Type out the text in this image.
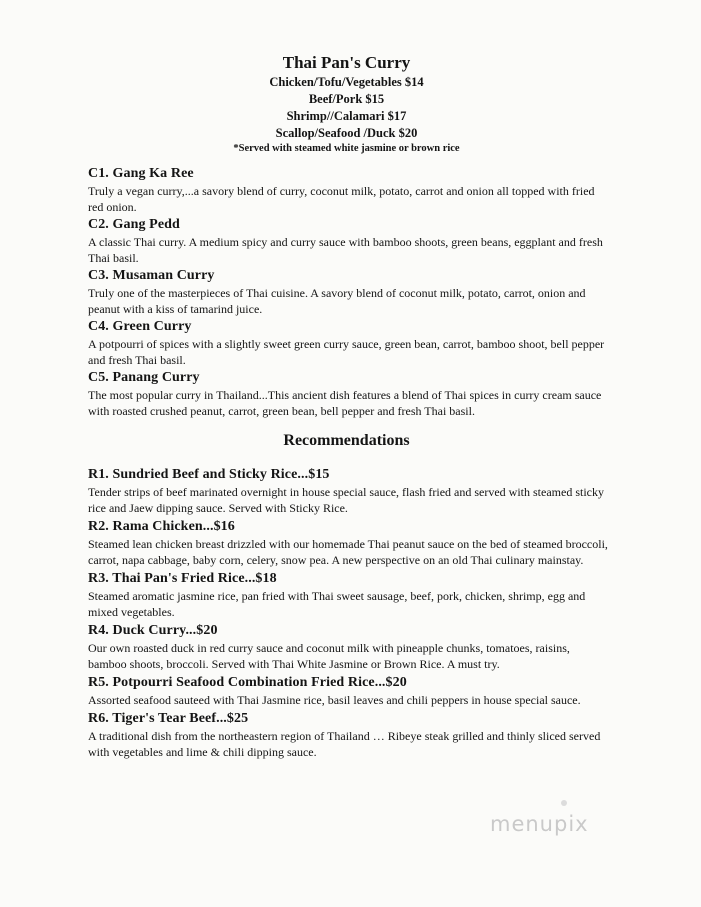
Thai Pan's Curry
Chicken/Tofu/Vegetables $14
Beef/Pork $15
Shrimp//Calamari $17
Scallop/Seafood /Duck $20
*Served with steamed white jasmine or brown rice
C1. Gang Ka Ree
Truly a vegan curry,...a savory blend of curry, coconut milk, potato, carrot and onion all topped with fried red onion.
C2. Gang Pedd
A classic Thai curry. A medium spicy and curry sauce with bamboo shoots, green beans, eggplant and fresh Thai basil.
C3. Musaman Curry
Truly one of the masterpieces of Thai cuisine. A savory blend of coconut milk, potato, carrot, onion and peanut with a kiss of tamarind juice.
C4. Green Curry
A potpourri of spices with a slightly sweet green curry sauce, green bean, carrot, bamboo shoot, bell pepper and fresh Thai basil.
C5. Panang Curry
The most popular curry in Thailand...This ancient dish features a blend of Thai spices in curry cream sauce with roasted crushed peanut, carrot, green bean, bell pepper and fresh Thai basil.
Recommendations
R1. Sundried Beef and Sticky Rice...$15
Tender strips of beef marinated overnight in house special sauce, flash fried and served with steamed sticky rice and Jaew dipping sauce. Served with Sticky Rice.
R2. Rama Chicken...$16
Steamed lean chicken breast drizzled with our homemade Thai peanut sauce on the bed of steamed broccoli, carrot, napa cabbage, baby corn, celery, snow pea. A new perspective on an old Thai culinary mainstay.
R3. Thai Pan's Fried Rice...$18
Steamed aromatic jasmine rice, pan fried with Thai sweet sausage, beef, pork, chicken, shrimp, egg and mixed vegetables.
R4. Duck Curry...$20
Our own roasted duck in red curry sauce and coconut milk with pineapple chunks, tomatoes, raisins, bamboo shoots, broccoli. Served with Thai White Jasmine or Brown Rice. A must try.
R5. Potpourri Seafood Combination Fried Rice...$20
Assorted seafood sauteed with Thai Jasmine rice, basil leaves and chili peppers in house special sauce.
R6. Tiger's Tear Beef...$25
A traditional dish from the northeastern region of Thailand … Ribeye steak grilled and thinly sliced served with vegetables and lime & chili dipping sauce.
menupix
